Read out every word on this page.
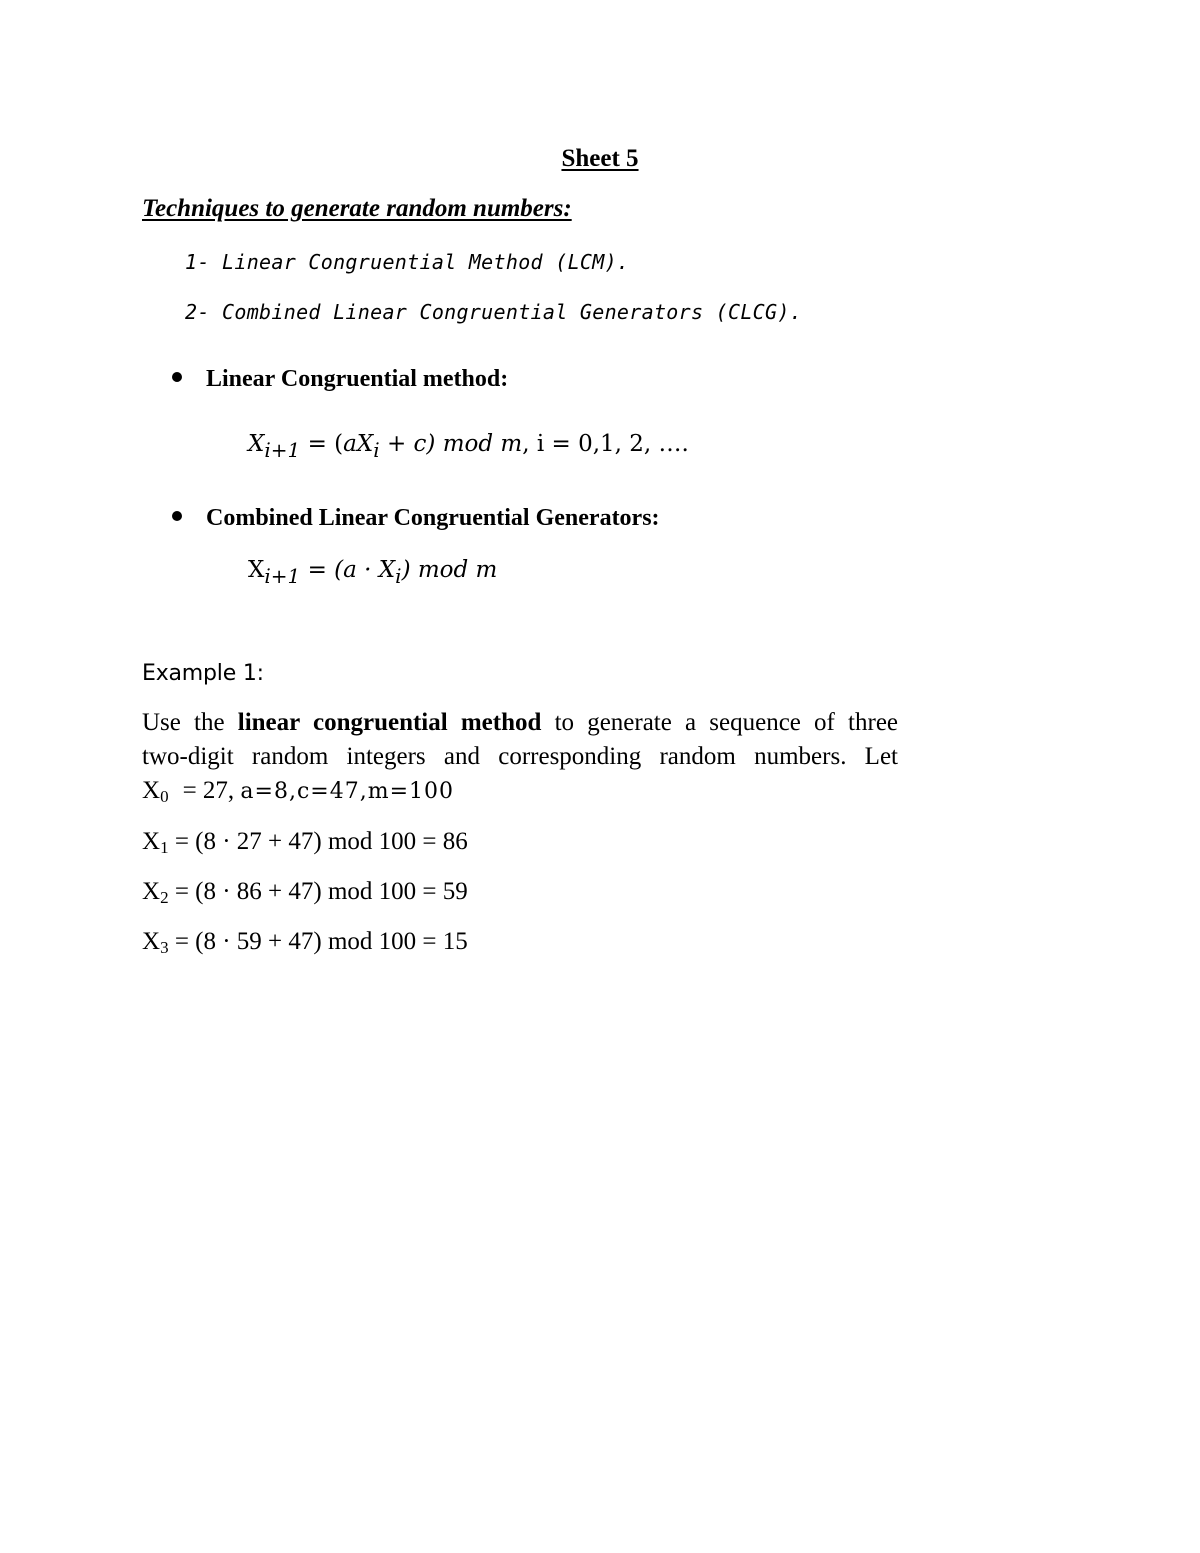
Sheet 5
Techniques to generate random numbers:
1- Linear Congruential Method (LCM).
2- Combined Linear Congruential Generators (CLCG).
Linear Congruential method:
Xi+1 = (aXi + c) mod m, i = 0,1, 2, ….
Combined Linear Congruential Generators:
Xi+1 = (a · Xi) mod m
Example 1:
Use the linear congruential method to generate a sequence of three
two-digit random integers and corresponding random numbers. Let
$X_0 = 27$, a=8,c=47,m=100
$X_1 = (8 \cdot 27 + 47)$ mod 100 = 86
$X_2 = (8 \cdot 86 + 47)$ mod 100 = 59
$X_3 = (8 \cdot 59 + 47)$ mod 100 = 15
